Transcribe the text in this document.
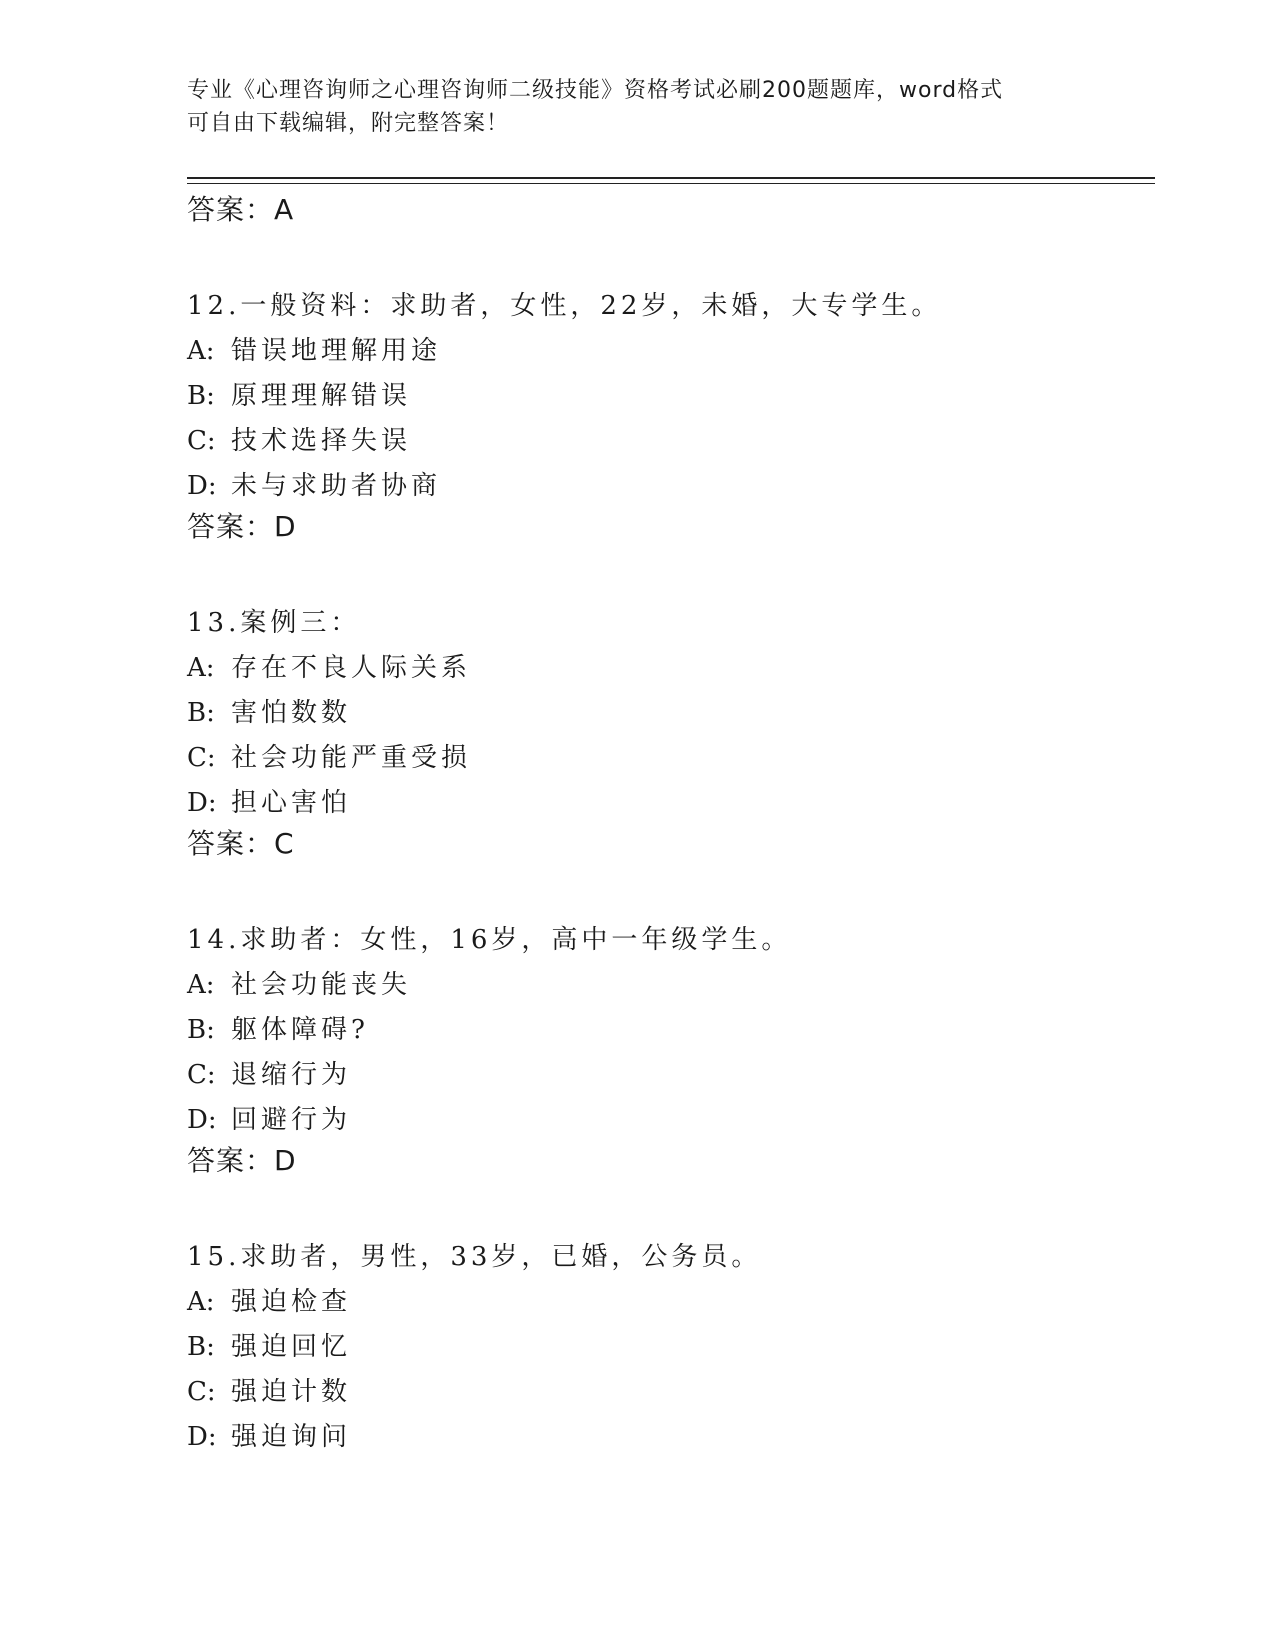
专业《心理咨询师之心理咨询师二级技能》资格考试必刷200题题库，word格式
可自由下载编辑，附完整答案！
答案：A
12.一般资料：求助者，女性，22岁，未婚，大专学生。
A: 错误地理解用途
B: 原理理解错误
C: 技术选择失误
D: 未与求助者协商
答案：D
13.案例三：
A: 存在不良人际关系
B: 害怕数数
C: 社会功能严重受损
D: 担心害怕
答案：C
14.求助者：女性，16岁，高中一年级学生。
A: 社会功能丧失
B: 躯体障碍?
C: 退缩行为
D: 回避行为
答案：D
15.求助者，男性，33岁，已婚，公务员。
A: 强迫检查
B: 强迫回忆
C: 强迫计数
D: 强迫询问
